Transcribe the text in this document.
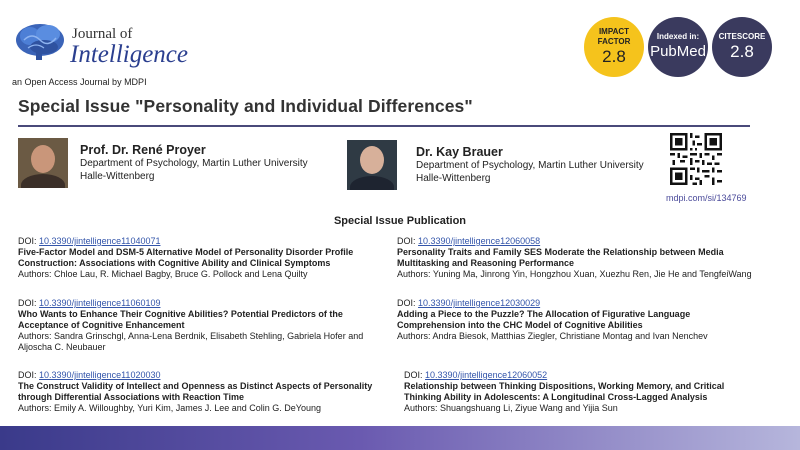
Journal of
Intelligence
an Open Access Journal by MDPI
IMPACT
FACTOR
2.8
Indexed in:
PubMed
CITESCORE
2.8
Special Issue "Personality and Individual Differences"
Prof. Dr. René Proyer
Department of Psychology, Martin Luther University
Halle-Wittenberg
Dr. Kay Brauer
Department of Psychology, Martin Luther University
Halle-Wittenberg
mdpi.com/si/134769
Special Issue Publication
DOI: 10.3390/jintelligence11040071
Five-Factor Model and DSM-5 Alternative Model of Personality Disorder Profile Construction: Associations with Cognitive Ability and Clinical Symptoms
Authors: Chloe Lau, R. Michael Bagby, Bruce G. Pollock and Lena Quilty
DOI: 10.3390/jintelligence12060058
Personality Traits and Family SES Moderate the Relationship between Media Multitasking and Reasoning Performance
Authors: Yuning Ma, Jinrong Yin, Hongzhou Xuan, Xuezhu Ren, Jie He and TengfeiWang
DOI: 10.3390/jintelligence11060109
Who Wants to Enhance Their Cognitive Abilities? Potential Predictors of the Acceptance of Cognitive Enhancement
Authors: Sandra Grinschgl, Anna-Lena Berdnik, Elisabeth Stehling, Gabriela Hofer and Aljoscha C. Neubauer
DOI: 10.3390/jintelligence12030029
Adding a Piece to the Puzzle? The Allocation of Figurative Language Comprehension into the CHC Model of Cognitive Abilities
Authors: Andra Biesok, Matthias Ziegler, Christiane Montag and Ivan Nenchev
DOI: 10.3390/jintelligence11020030
The Construct Validity of Intellect and Openness as Distinct Aspects of Personality through Differential Associations with Reaction Time
Authors: Emily A. Willoughby, Yuri Kim, James J. Lee and Colin G. DeYoung
DOI: 10.3390/jintelligence12060052
Relationship between Thinking Dispositions, Working Memory, and Critical Thinking Ability in Adolescents: A Longitudinal Cross-Lagged Analysis
Authors: Shuangshuang Li, Ziyue Wang and Yijia Sun
